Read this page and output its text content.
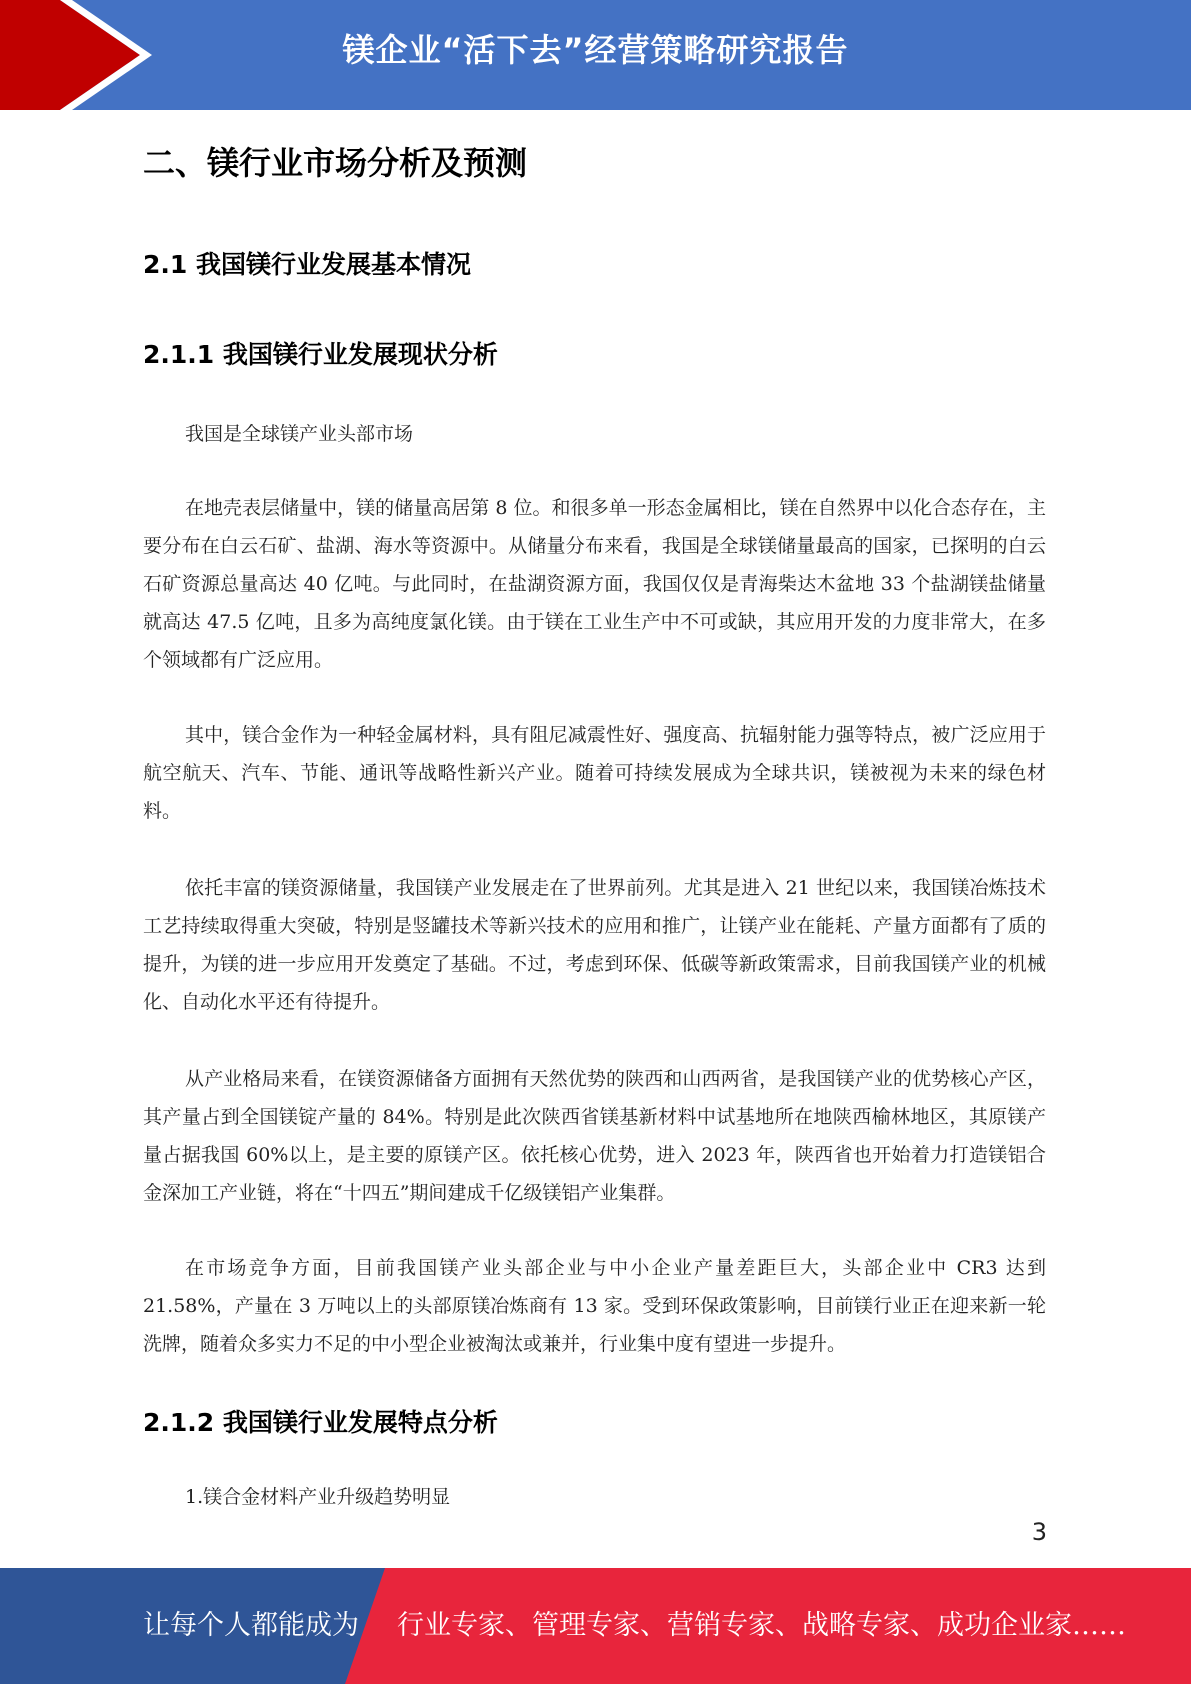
镁企业“活下去”经营策略研究报告
二、镁行业市场分析及预测
2.1 我国镁行业发展基本情况
2.1.1 我国镁行业发展现状分析
我国是全球镁产业头部市场
在地壳表层储量中，镁的储量高居第 8 位。和很多单一形态金属相比，镁在自然界中以化合态存在，主要分布在白云石矿、盐湖、海水等资源中。从储量分布来看，我国是全球镁储量最高的国家，已探明的白云石矿资源总量高达 40 亿吨。与此同时，在盐湖资源方面，我国仅仅是青海柴达木盆地 33 个盐湖镁盐储量就高达 47.5 亿吨，且多为高纯度氯化镁。由于镁在工业生产中不可或缺，其应用开发的力度非常大，在多个领域都有广泛应用。
其中，镁合金作为一种轻金属材料，具有阻尼减震性好、强度高、抗辐射能力强等特点，被广泛应用于航空航天、汽车、节能、通讯等战略性新兴产业。随着可持续发展成为全球共识，镁被视为未来的绿色材料。
依托丰富的镁资源储量，我国镁产业发展走在了世界前列。尤其是进入 21 世纪以来，我国镁冶炼技术工艺持续取得重大突破，特别是竖罐技术等新兴技术的应用和推广，让镁产业在能耗、产量方面都有了质的提升，为镁的进一步应用开发奠定了基础。不过，考虑到环保、低碳等新政策需求，目前我国镁产业的机械化、自动化水平还有待提升。
从产业格局来看，在镁资源储备方面拥有天然优势的陕西和山西两省，是我国镁产业的优势核心产区，其产量占到全国镁锭产量的 84%。特别是此次陕西省镁基新材料中试基地所在地陕西榆林地区，其原镁产量占据我国 60%以上，是主要的原镁产区。依托核心优势，进入 2023 年，陕西省也开始着力打造镁铝合金深加工产业链，将在“十四五”期间建成千亿级镁铝产业集群。
在市场竞争方面，目前我国镁产业头部企业与中小企业产量差距巨大，头部企业中 CR3 达到21.58%，产量在 3 万吨以上的头部原镁冶炼商有 13 家。受到环保政策影响，目前镁行业正在迎来新一轮洗牌，随着众多实力不足的中小型企业被淘汰或兼并，行业集中度有望进一步提升。
2.1.2 我国镁行业发展特点分析
1.镁合金材料产业升级趋势明显
3
让每个人都能成为 行业专家、管理专家、营销专家、战略专家、成功企业家……
